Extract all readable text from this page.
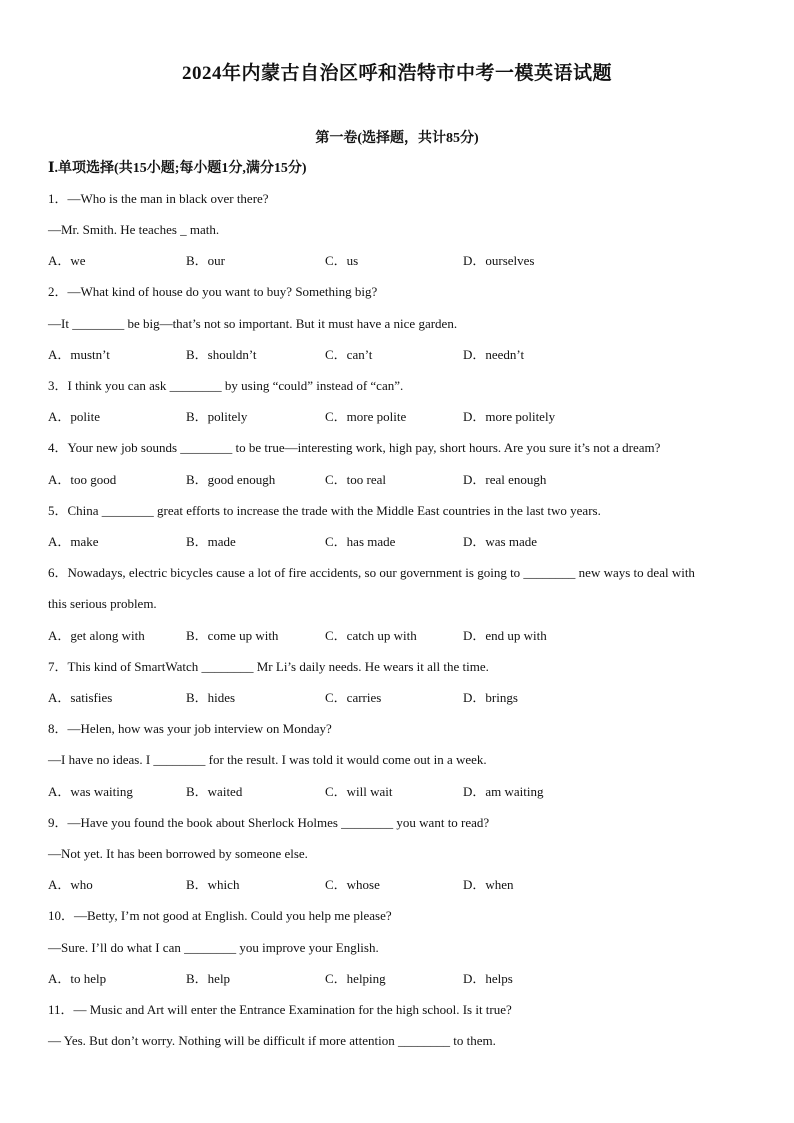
2024年内蒙古自治区呼和浩特市中考一模英语试题
第一卷(选择题，共计85分)
Ⅰ.单项选择(共15小题;每小题1分,满分15分)
1．—Who is the man in black over there?
—Mr. Smith. He teaches _ math.
A．we	B．our	C．us	D．ourselves
2．—What kind of house do you want to buy? Something big?
—It ________ be big—that’s not so important. But it must have a nice garden.
A．mustn’t	B．shouldn’t	C．can’t	D．needn’t
3．I think you can ask ________ by using “could” instead of “can”.
A．polite	B．politely	C．more polite	D．more politely
4．Your new job sounds ________ to be true—interesting work, high pay, short hours. Are you sure it’s not a dream?
A．too good	B．good enough	C．too real	D．real enough
5．China ________ great efforts to increase the trade with the Middle East countries in the last two years.
A．make	B．made	C．has made	D．was made
6．Nowadays, electric bicycles cause a lot of fire accidents, so our government is going to ________ new ways to deal with
this serious problem.
A．get along with	B．come up with	C．catch up with	D．end up with
7．This kind of SmartWatch ________ Mr Li’s daily needs. He wears it all the time.
A．satisfies	B．hides	C．carries	D．brings
8．—Helen, how was your job interview on Monday?
—I have no ideas. I ________ for the result. I was told it would come out in a week.
A．was waiting	B．waited	C．will wait	D．am waiting
9．—Have you found the book about Sherlock Holmes ________ you want to read?
—Not yet. It has been borrowed by someone else.
A．who	B．which	C．whose	D．when
10．—Betty, I’m not good at English. Could you help me please?
—Sure. I’ll do what I can ________ you improve your English.
A．to help	B．help	C．helping	D．helps
11．— Music and Art will enter the Entrance Examination for the high school. Is it true?
— Yes. But don’t worry. Nothing will be difficult if more attention ________ to them.
